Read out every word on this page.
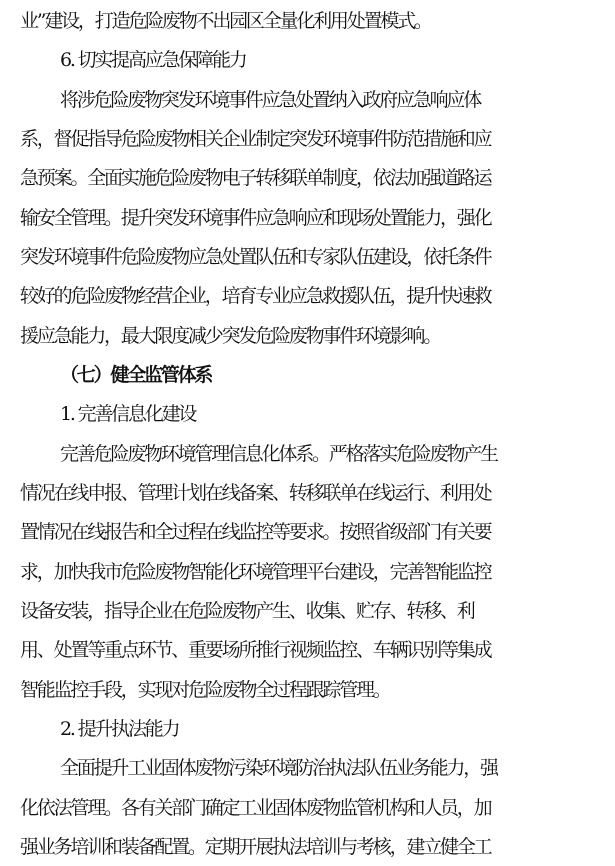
业”建设，打造危险废物不出园区全量化利用处置模式。
6. 切实提高应急保障能力
将涉危险废物突发环境事件应急处置纳入政府应急响应体
系，督促指导危险废物相关企业制定突发环境事件防范措施和应
急预案。全面实施危险废物电子转移联单制度，依法加强道路运
输安全管理。提升突发环境事件应急响应和现场处置能力，强化
突发环境事件危险废物应急处置队伍和专家队伍建设，依托条件
较好的危险废物经营企业，培育专业应急救援队伍，提升快速救
援应急能力，最大限度减少突发危险废物事件环境影响。
（七）健全监管体系
1. 完善信息化建设
完善危险废物环境管理信息化体系。严格落实危险废物产生
情况在线申报、管理计划在线备案、转移联单在线运行、利用处
置情况在线报告和全过程在线监控等要求。按照省级部门有关要
求，加快我市危险废物智能化环境管理平台建设，完善智能监控
设备安装，指导企业在危险废物产生、收集、贮存、转移、利
用、处置等重点环节、重要场所推行视频监控、车辆识别等集成
智能监控手段，实现对危险废物全过程跟踪管理。
2. 提升执法能力
全面提升工业固体废物污染环境防治执法队伍业务能力，强
化依法管理。各有关部门确定工业固体废物监管机构和人员，加
强业务培训和装备配置。定期开展执法培训与考核，建立健全工
